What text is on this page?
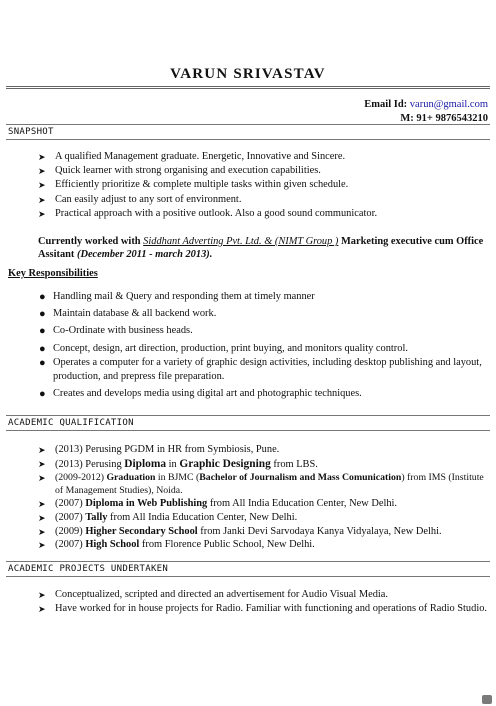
VARUN SRIVASTAV
Email Id: varun@gmail.com
M: 91+ 9876543210
SNAPSHOT
➤ A qualified Management graduate. Energetic, Innovative and Sincere.
➤ Quick learner with strong organising and execution capabilities.
➤ Efficiently prioritize & complete multiple tasks within given schedule.
➤ Can easily adjust to any sort of environment.
➤ Practical approach with a positive outlook. Also a good sound communicator.
Currently worked with Siddhant Adverting Pvt. Ltd. & (NIMT Group ) Marketing executive cum Office Assitant (December 2011 - march 2013).
Key Responsibilities
● Handling mail & Query and responding them at timely manner
● Maintain database & all backend work.
● Co-Ordinate with business heads.
● Concept, design, art direction, production, print buying, and monitors quality control.
● Operates a computer for a variety of graphic design activities, including desktop publishing and layout, production, and prepress file preparation.
● Creates and develops media using digital art and photographic techniques.
ACADEMIC QUALIFICATION
➤ (2013) Perusing PGDM in HR from Symbiosis, Pune.
➤ (2013) Perusing Diploma in Graphic Designing from LBS.
➤ (2009-2012) Graduation in BJMC (Bachelor of Journalism and Mass Comunication) from IMS (Institute of Management Studies), Noida.
➤ (2007) Diploma in Web Publishing from All India Education Center, New Delhi.
➤ (2007) Tally from All India Education Center, New Delhi.
➤ (2009) Higher Secondary School from Janki Devi Sarvodaya Kanya Vidyalaya, New Delhi.
➤ (2007) High School from Florence Public School, New Delhi.
ACADEMIC PROJECTS UNDERTAKEN
➤ Conceptualized, scripted and directed an advertisement for Audio Visual Media.
➤ Have worked for in house projects for Radio. Familiar with functioning and operations of Radio Studio.
